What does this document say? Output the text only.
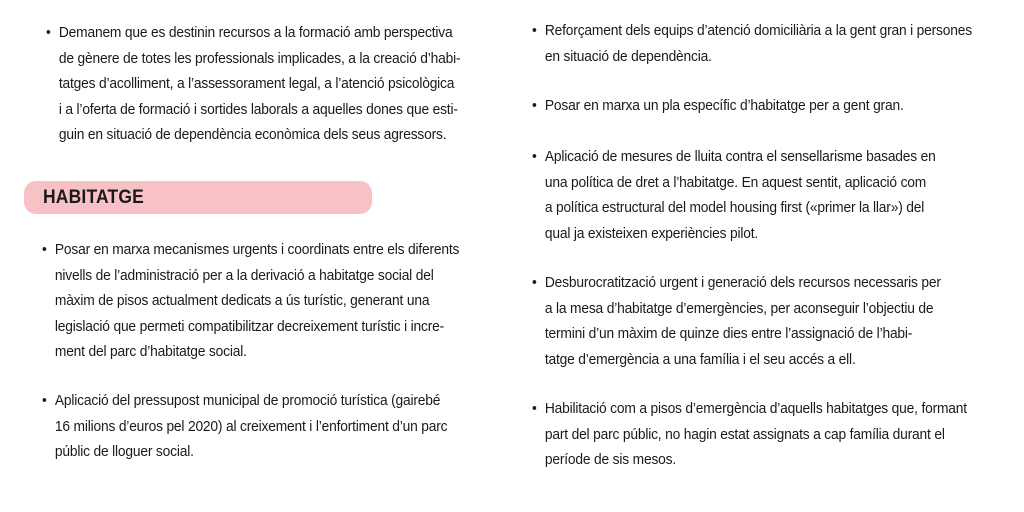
• Demanem que es destinin recursos a la formació amb perspectiva
de gènere de totes les professionals implicades, a la creació d’habi-
tatges d’acolliment, a l’assessorament legal, a l’atenció psicològica
i a l’oferta de formació i sortides laborals a aquelles dones que esti-
guin en situació de dependència econòmica dels seus agressors.
• Posar en marxa mecanismes urgents i coordinats entre els diferents
nivells de l’administració per a la derivació a habitatge social del
màxim de pisos actualment dedicats a ús turístic, generant una
legislació que permeti compatibilitzar decreixement turístic i incre-
ment del parc d’habitatge social.
• Aplicació del pressupost municipal de promoció turística (gairebé
16 milions d’euros pel 2020) al creixement i l’enfortiment d’un parc
públic de lloguer social.
HABITATGE
• Reforçament dels equips d’atenció domiciliària a la gent gran i persones
en situació de dependència.
• Posar en marxa un pla específic d’habitatge per a gent gran.
• Aplicació de mesures de lluita contra el sensellarisme basades en
una política de dret a l’habitatge. En aquest sentit, aplicació com
a política estructural del model housing first («primer la llar») del
qual ja existeixen experiències pilot.
• Desburocratització urgent i generació dels recursos necessaris per
a la mesa d’habitatge d’emergències, per aconseguir l’objectiu de
termini d’un màxim de quinze dies entre l’assignació de l’habi-
tatge d’emergència a una família i el seu accés a ell.
• Habilitació com a pisos d’emergència d’aquells habitatges que, formant
part del parc públic, no hagin estat assignats a cap família durant el
període de sis mesos.
